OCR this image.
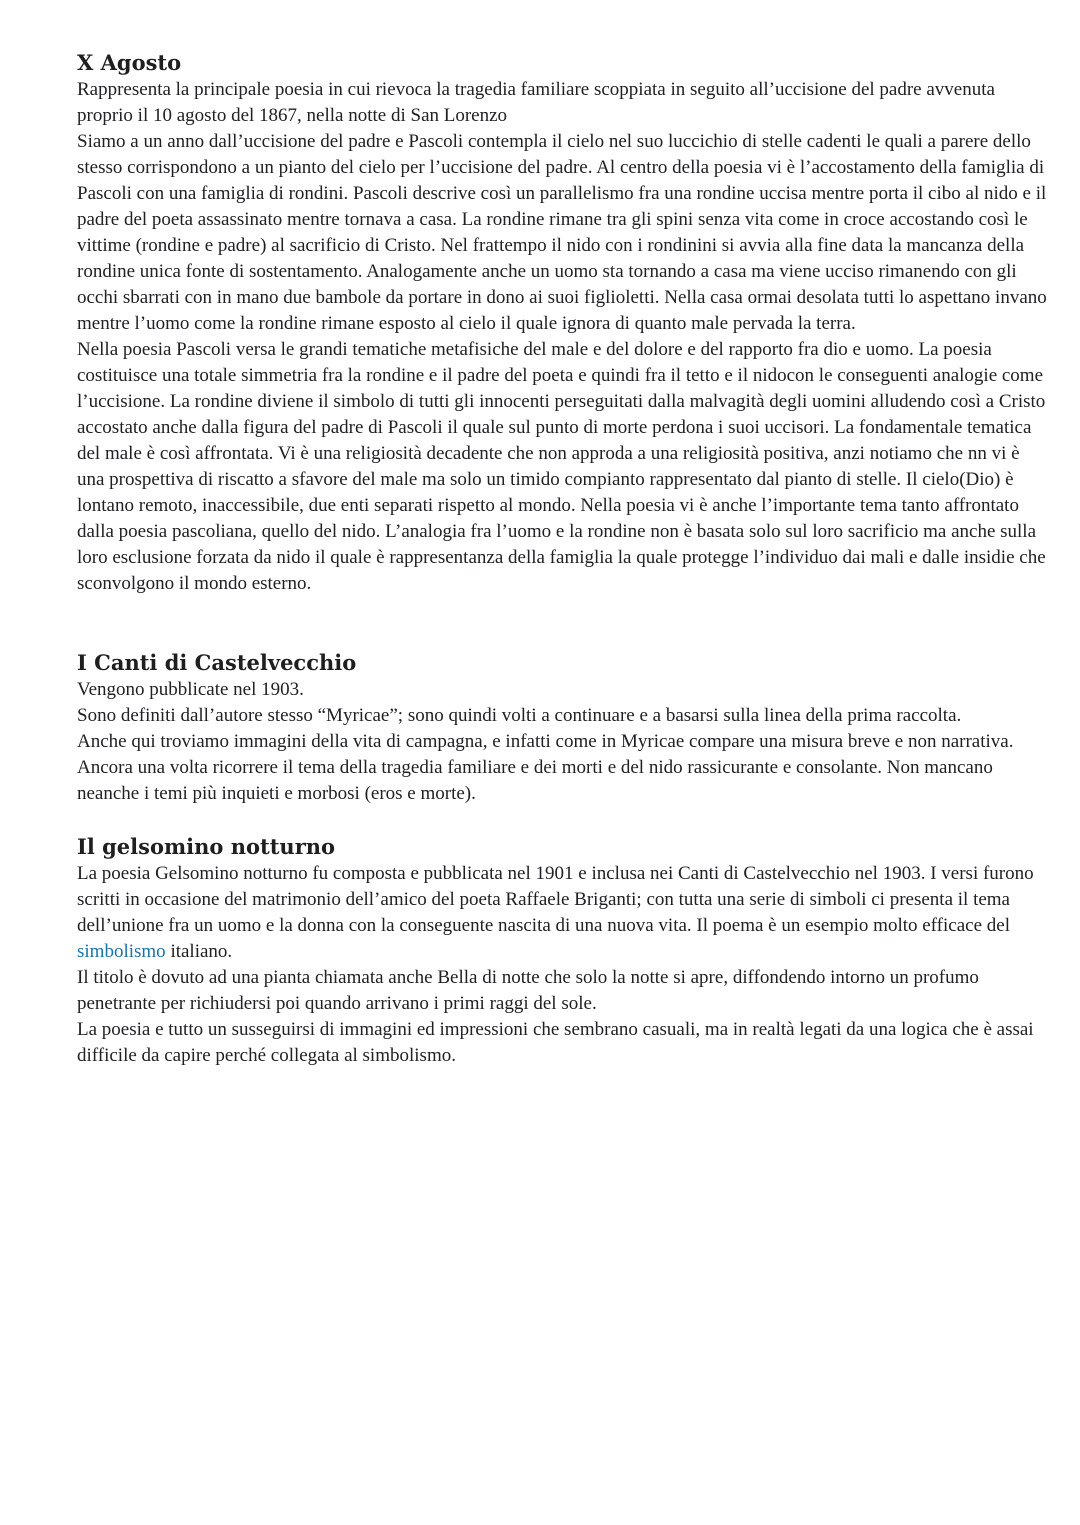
X Agosto

Rappresenta la principale poesia in cui rievoca la tragedia familiare scoppiata in seguito all’uccisione del padre avvenuta proprio il 10 agosto del 1867, nella notte di San Lorenzo

Siamo a un anno dall’uccisione del padre e Pascoli contempla il cielo nel suo luccichio di stelle cadenti le quali a parere dello stesso corrispondono a un pianto del cielo per l’uccisione del padre. Al centro della poesia vi è l’accostamento della famiglia di Pascoli con una famiglia di rondini. Pascoli descrive così un parallelismo fra una rondine uccisa mentre porta il cibo al nido e il padre del poeta assassinato mentre tornava a casa. La rondine rimane tra gli spini senza vita come in croce accostando così le vittime (rondine e padre) al sacrificio di Cristo. Nel frattempo il nido con i rondinini si avvia alla fine data la mancanza della rondine unica fonte di sostentamento. Analogamente anche un uomo sta tornando a casa ma viene ucciso rimanendo con gli occhi sbarrati con in mano due bambole da portare in dono ai suoi figlioletti. Nella casa ormai desolata tutti lo aspettano invano mentre l’uomo come la rondine rimane esposto al cielo il quale ignora di quanto male pervada la terra.

Nella poesia Pascoli versa le grandi tematiche metafisiche del male e del dolore e del rapporto fra dio e uomo. La poesia costituisce una totale simmetria fra la rondine e il padre del poeta e quindi fra il tetto e il nidocon le conseguenti analogie come l’uccisione. La rondine diviene il simbolo di tutti gli innocenti perseguitati dalla malvagità degli uomini alludendo così a Cristo accostato anche dalla figura del padre di Pascoli il quale sul punto di morte perdona i suoi uccisori. La fondamentale tematica del male è così affrontata. Vi è una religiosità decadente che non approda a una religiosità positiva, anzi notiamo che nn vi è una prospettiva di riscatto a sfavore del male ma solo un timido compianto rappresentato dal pianto di stelle. Il cielo(Dio) è lontano remoto, inaccessibile, due enti separati rispetto al mondo. Nella poesia vi è anche l’importante tema tanto affrontato dalla poesia pascoliana, quello del nido. L’analogia fra l’uomo e la rondine non è basata solo sul loro sacrificio ma anche sulla loro esclusione forzata da nido il quale è rappresentanza della famiglia la quale protegge l’individuo dai mali e dalle insidie che sconvolgono il mondo esterno.

I Canti di Castelvecchio

Vengono pubblicate nel 1903.

Sono definiti dall’autore stesso “Myricae”; sono quindi volti a continuare e a basarsi sulla linea della prima raccolta.

Anche qui troviamo immagini della vita di campagna, e infatti come in Myricae compare una misura breve e non narrativa. Ancora una volta ricorrere il tema della tragedia familiare e dei morti e del nido rassicurante e consolante. Non mancano neanche i temi più inquieti e morbosi (eros e morte).

Il gelsomino notturno

La poesia Gelsomino notturno fu composta e pubblicata nel 1901 e inclusa nei Canti di Castelvecchio nel 1903. I versi furono scritti in occasione del matrimonio dell’amico del poeta Raffaele Briganti; con tutta una serie di simboli ci presenta il tema dell’unione fra un uomo e la donna con la conseguente nascita di una nuova vita. Il poema è un esempio molto efficace del simbolismo italiano.

Il titolo è dovuto ad una pianta chiamata anche Bella di notte che solo la notte si apre, diffondendo intorno un profumo penetrante per richiudersi poi quando arrivano i primi raggi del sole.

La poesia e tutto un susseguirsi di immagini ed impressioni che sembrano casuali, ma in realtà legati da una logica che è assai difficile da capire perché collegata al simbolismo.
